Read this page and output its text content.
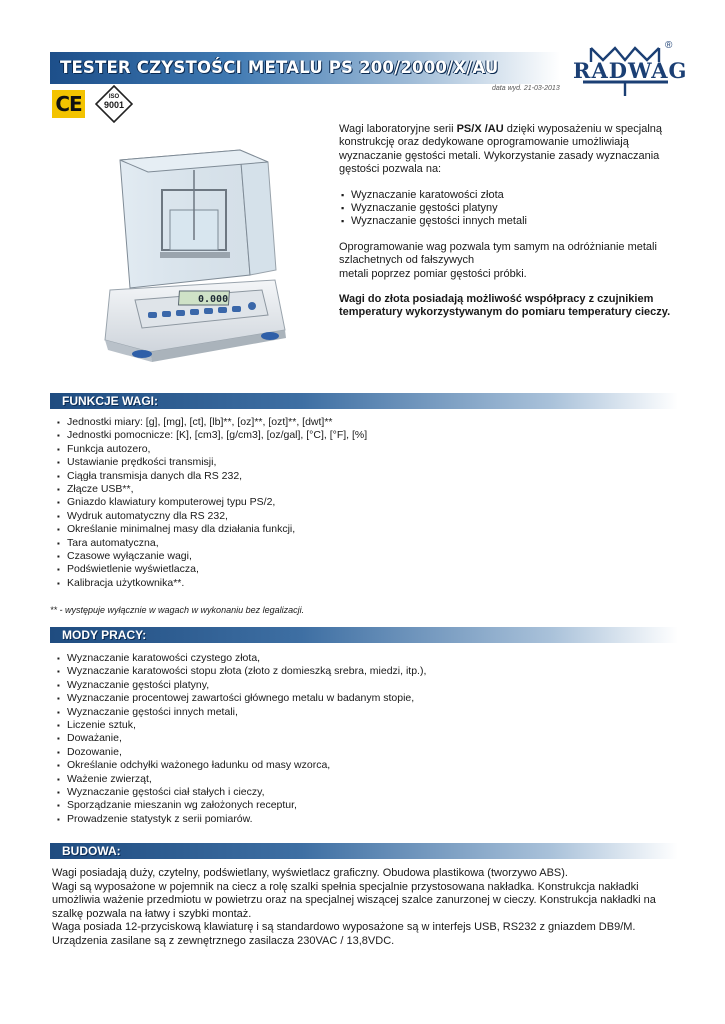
TESTER CZYSTOŚCI METALU PS 200/2000/X/AU
data wyd. 21-03-2013
RADWAG
®
CE	ISO
9001
0.000

Wagi laboratoryjne serii PS/X /AU dzięki wyposażeniu w specjalną konstrukcję oraz dedykowane oprogramowanie umożliwiają wyznaczanie gęstości metali. Wykorzystanie zasady wyznaczania gęstości pozwala na:

▪ Wyznaczanie karatowości złota
▪ Wyznaczanie gęstości platyny
▪ Wyznaczanie gęstości innych metali

Oprogramowanie wag pozwala tym samym na odróżnianie metali szlachetnych od fałszywych
metali poprzez pomiar gęstości próbki.

Wagi do złota posiadają możliwość współpracy z czujnikiem temperatury wykorzystywanym do pomiaru temperatury cieczy.

FUNKCJE WAGI:
▪ Jednostki miary: [g], [mg], [ct], [lb]**, [oz]**, [ozt]**, [dwt]**
▪ Jednostki pomocnicze: [K], [cm3], [g/cm3], [oz/gal], [°C], [°F], [%]
▪ Funkcja autozero,
▪ Ustawianie prędkości transmisji,
▪ Ciągła transmisja danych dla RS 232,
▪ Złącze USB**,
▪ Gniazdo klawiatury komputerowej typu PS/2,
▪ Wydruk automatyczny dla RS 232,
▪ Określanie minimalnej masy dla działania funkcji,
▪ Tara automatyczna,
▪ Czasowe wyłączanie wagi,
▪ Podświetlenie wyświetlacza,
▪ Kalibracja użytkownika**.
** - występuje wyłącznie w wagach w wykonaniu bez legalizacji.
MODY PRACY:
▪ Wyznaczanie karatowości czystego złota,
▪ Wyznaczanie karatowości stopu złota (złoto z domieszką srebra, miedzi, itp.),
▪ Wyznaczanie gęstości platyny,
▪ Wyznaczanie procentowej zawartości głównego metalu w badanym stopie,
▪ Wyznaczanie gęstości innych metali,
▪ Liczenie sztuk,
▪ Doważanie,
▪ Dozowanie,
▪ Określanie odchyłki ważonego ładunku od masy wzorca,
▪ Ważenie zwierząt,
▪ Wyznaczanie gęstości ciał stałych i cieczy,
▪ Sporządzanie mieszanin wg założonych receptur,
▪ Prowadzenie statystyk z serii pomiarów.
BUDOWA:
Wagi posiadają duży, czytelny, podświetlany, wyświetlacz graficzny. Obudowa plastikowa (tworzywo ABS).
Wagi są wyposażone w pojemnik na ciecz a rolę szalki spełnia specjalnie przystosowana nakładka. Konstrukcja nakładki umożliwia ważenie przedmiotu w powietrzu oraz na specjalnej wiszącej szalce zanurzonej w cieczy. Konstrukcja nakładki na szalkę pozwala na łatwy i szybki montaż.
Waga posiada 12-przyciskową klawiaturę i są standardowo wyposażone są w interfejs USB, RS232 z gniazdem DB9/M.
Urządzenia zasilane są z zewnętrznego zasilacza 230VAC / 13,8VDC.
